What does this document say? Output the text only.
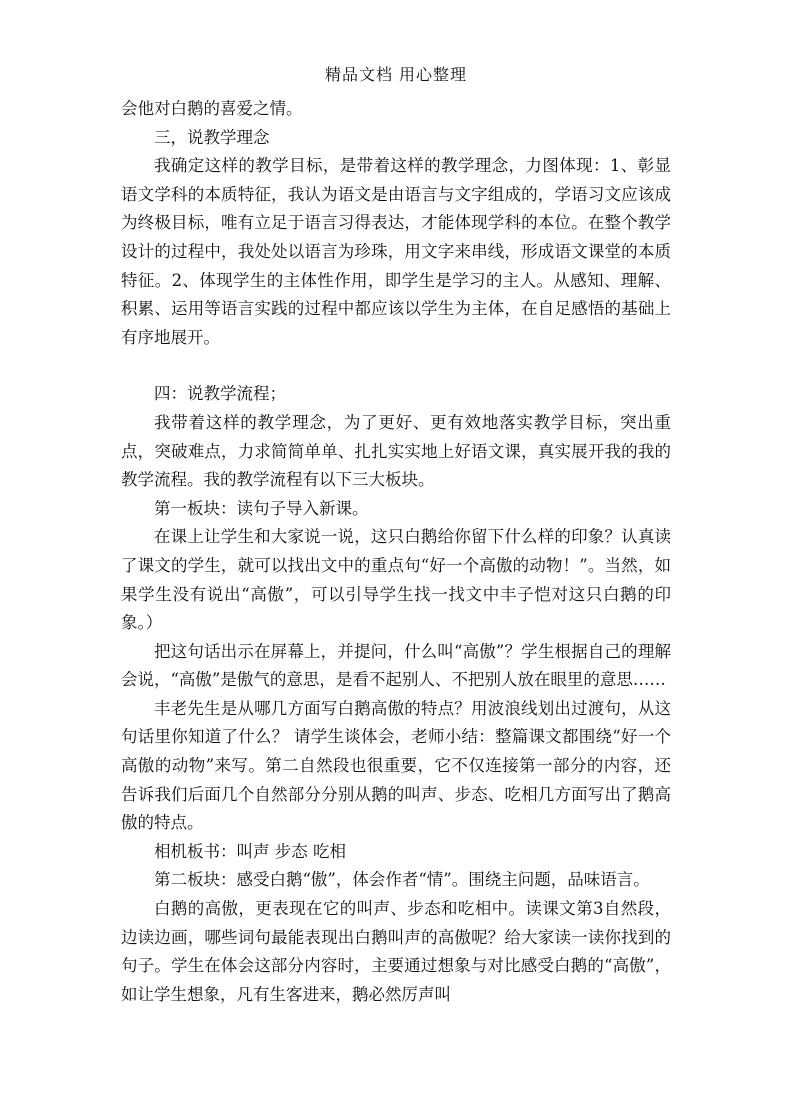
精品文档 用心整理

会他对白鹅的喜爱之情。

三，说教学理念

我确定这样的教学目标，是带着这样的教学理念，力图体现：1、彰显语文学科的本质特征，我认为语文是由语言与文字组成的，学语习文应该成为终极目标，唯有立足于语言习得表达，才能体现学科的本位。在整个教学设计的过程中，我处处以语言为珍珠，用文字来串线，形成语文课堂的本质特征。2、体现学生的主体性作用，即学生是学习的主人。从感知、理解、积累、运用等语言实践的过程中都应该以学生为主体，在自足感悟的基础上有序地展开。

四：说教学流程；

我带着这样的教学理念，为了更好、更有效地落实教学目标，突出重点，突破难点，力求简简单单、扎扎实实地上好语文课，真实展开我的我的教学流程。我的教学流程有以下三大板块。

第一板块：读句子导入新课。

在课上让学生和大家说一说，这只白鹅给你留下什么样的印象？认真读了课文的学生，就可以找出文中的重点句“好一个高傲的动物！”。当然，如果学生没有说出“高傲”，可以引导学生找一找文中丰子恺对这只白鹅的印象。）

把这句话出示在屏幕上，并提问，什么叫“高傲”？学生根据自己的理解会说，“高傲”是傲气的意思，是看不起别人、不把别人放在眼里的意思……

丰老先生是从哪几方面写白鹅高傲的特点？用波浪线划出过渡句，从这句话里你知道了什么？ 请学生谈体会，老师小结：整篇课文都围绕“好一个高傲的动物”来写。第二自然段也很重要，它不仅连接第一部分的内容，还告诉我们后面几个自然部分分别从鹅的叫声、步态、吃相几方面写出了鹅高傲的特点。

相机板书：叫声 步态 吃相

第二板块：感受白鹅“傲”，体会作者“情”。围绕主问题，品味语言。

白鹅的高傲，更表现在它的叫声、步态和吃相中。读课文第3自然段，边读边画，哪些词句最能表现出白鹅叫声的高傲呢？给大家读一读你找到的句子。学生在体会这部分内容时，主要通过想象与对比感受白鹅的“高傲”，如让学生想象，凡有生客进来，鹅必然厉声叫
